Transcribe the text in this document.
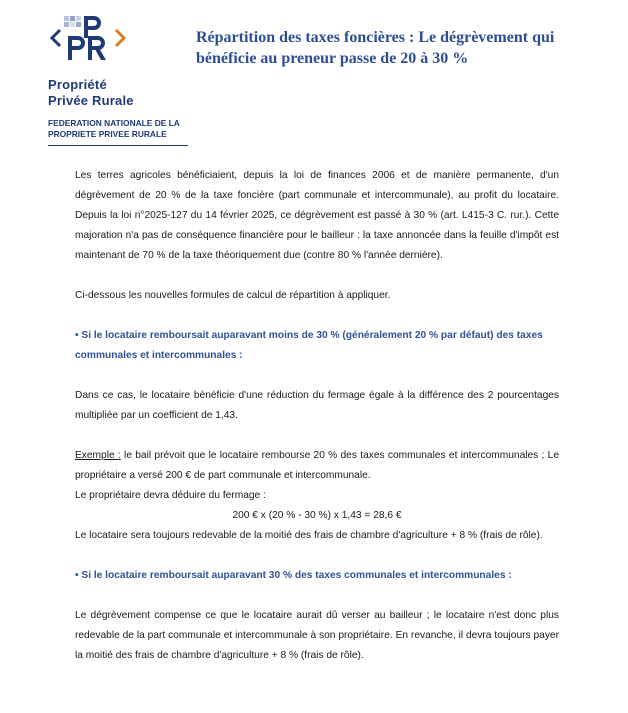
Propriété
Privée Rurale
FEDERATION NATIONALE DE LA
PROPRIETE PRIVEE RURALE
Répartition des taxes foncières : Le dégrèvement qui bénéficie au preneur passe de 20 à 30 %

Les terres agricoles bénéficiaient, depuis la loi de finances 2006 et de manière permanente, d'un dégrèvement de 20 % de la taxe foncière (part communale et intercommunale), au profit du locataire. Depuis la loi n°2025-127 du 14 février 2025, ce dégrèvement est passé à 30 % (art. L415-3 C. rur.). Cette majoration n'a pas de conséquence financière pour le bailleur : la taxe annoncée dans la feuille d'impôt est maintenant de 70 % de la taxe théoriquement due (contre 80 % l'année dernière).

Ci-dessous les nouvelles formules de calcul de répartition à appliquer.

• Si le locataire remboursait auparavant moins de 30 % (généralement 20 % par défaut) des taxes communales et intercommunales :

Dans ce cas, le locataire bénéficie d'une réduction du fermage égale à la différence des 2 pourcentages multipliée par un coefficient de 1,43.

Exemple : le bail prévoit que le locataire rembourse 20 % des taxes communales et intercommunales ; Le propriétaire a versé 200 € de part communale et intercommunale.

Le propriétaire devra déduire du fermage :

200 € x (20 % - 30 %) x 1,43 = 28,6 €

Le locataire sera toujours redevable de la moitié des frais de chambre d'agriculture + 8 % (frais de rôle).

• Si le locataire remboursait auparavant 30 % des taxes communales et intercommunales :

Le dégrèvement compense ce que le locataire aurait dû verser au bailleur ; le locataire n'est donc plus redevable de la part communale et intercommunale à son propriétaire. En revanche, il devra toujours payer la moitié des frais de chambre d'agriculture + 8 % (frais de rôle).
